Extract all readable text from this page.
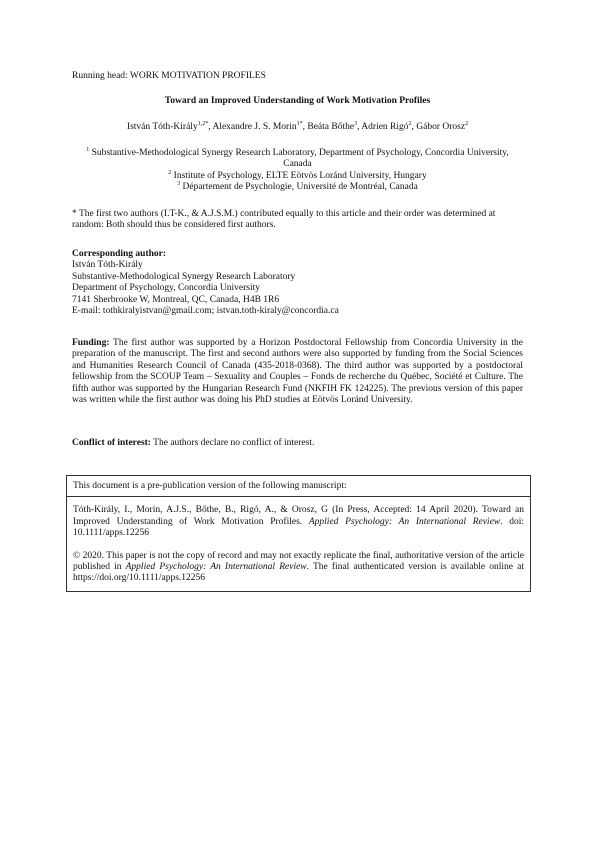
Running head: WORK MOTIVATION PROFILES
Toward an Improved Understanding of Work Motivation Profiles
István Tóth-Király$^{1,2*}$, Alexandre J. S. Morin$^{1*}$, Beáta Bőthe$^3$, Adrien Rigó$^2$, Gábor Orosz$^2$
$^1$ Substantive-Methodological Synergy Research Laboratory, Department of Psychology, Concordia University, Canada
$^2$ Institute of Psychology, ELTE Eötvös Loránd University, Hungary
$^3$ Département de Psychologie, Université de Montréal, Canada
* The first two authors (I.T-K., & A.J.S.M.) contributed equally to this article and their order was determined at random: Both should thus be considered first authors.
Corresponding author:
István Tóth-Király
Substantive-Methodological Synergy Research Laboratory
Department of Psychology, Concordia University
7141 Sherbrooke W, Montreal, QC, Canada, H4B 1R6
E-mail: tothkiralyistvan@gmail.com; istvan.toth-kiraly@concordia.ca
Funding: The first author was supported by a Horizon Postdoctoral Fellowship from Concordia University in the preparation of the manuscript. The first and second authors were also supported by funding from the Social Sciences and Humanities Research Council of Canada (435-2018-0368). The third author was supported by a postdoctoral fellowship from the SCOUP Team – Sexuality and Couples – Fonds de recherche du Québec, Société et Culture. The fifth author was supported by the Hungarian Research Fund (NKFIH FK 124225). The previous version of this paper was written while the first author was doing his PhD studies at Eötvös Loránd University.
Conflict of interest: The authors declare no conflict of interest.

This document is a pre-publication version of the following manuscript:

Tóth-Király, I., Morin, A.J.S., Bőthe, B., Rigó, A., & Orosz, G (In Press, Accepted: 14 April 2020). Toward an Improved Understanding of Work Motivation Profiles. Applied Psychology: An International Review. doi: 10.1111/apps.12256

© 2020. This paper is not the copy of record and may not exactly replicate the final, authoritative version of the article published in Applied Psychology: An International Review. The final authenticated version is available online at https://doi.org/10.1111/apps.12256
